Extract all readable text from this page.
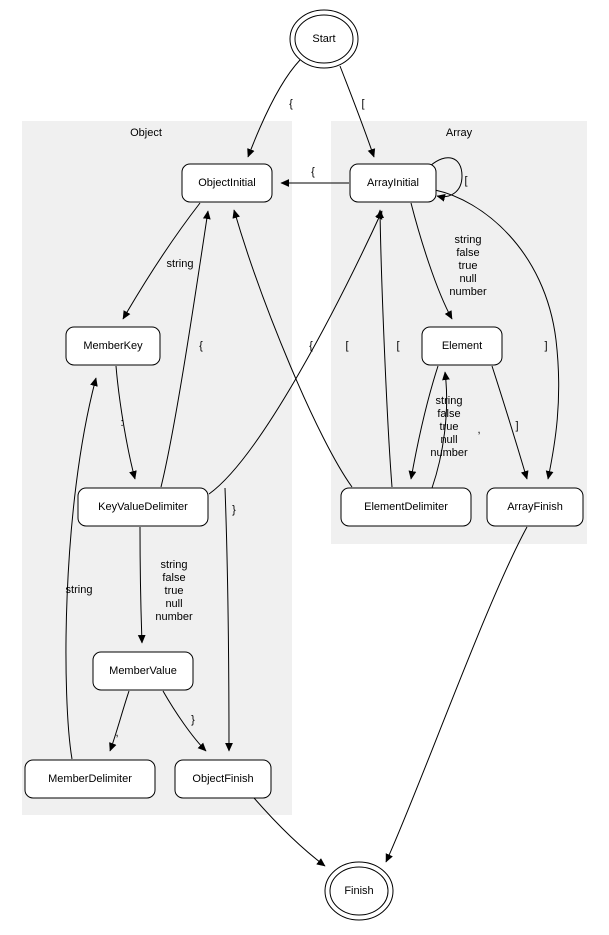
Object	Array
Start
Finish
ObjectInitial	ArrayInitial
MemberKey	Element
KeyValueDelimiter	ElementDelimiter	ArrayFinish
MemberValue
MemberDelimiter	ObjectFinish
{	[
{
[
string
{	{	[	[	]
:	]
,
}
string
,
}
string
false
true
null
number
string
false
true
null
number
string
false
true
null
number
